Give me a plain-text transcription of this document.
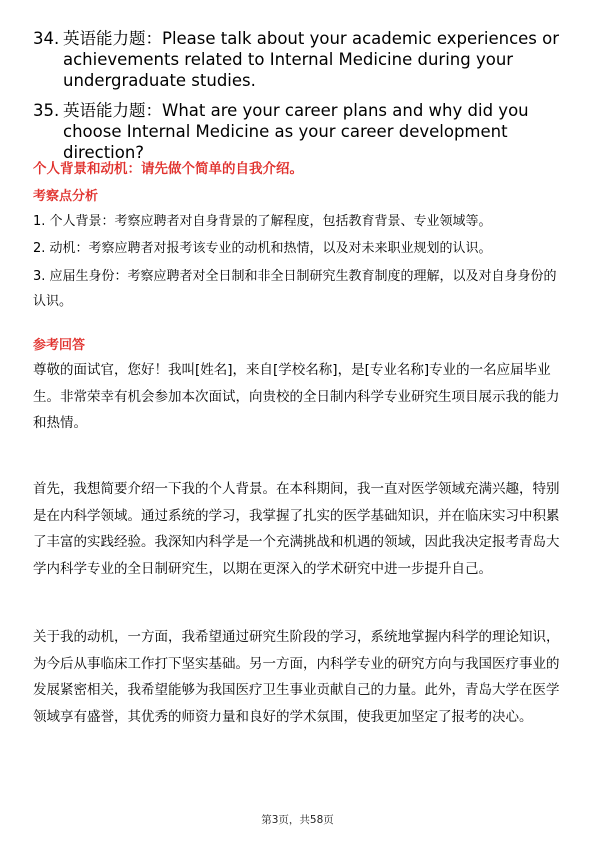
34. 英语能力题：Please talk about your academic experiences or achievements related to Internal Medicine during your undergraduate studies.
35. 英语能力题：What are your career plans and why did you choose Internal Medicine as your career development direction?
个人背景和动机：请先做个简单的自我介绍。
考察点分析
1. 个人背景：考察应聘者对自身背景的了解程度，包括教育背景、专业领域等。
2. 动机：考察应聘者对报考该专业的动机和热情，以及对未来职业规划的认识。
3. 应届生身份：考察应聘者对全日制和非全日制研究生教育制度的理解，以及对自身身份的认识。
参考回答
尊敬的面试官，您好！我叫[姓名]，来自[学校名称]，是[专业名称]专业的一名应届毕业生。非常荣幸有机会参加本次面试，向贵校的全日制内科学专业研究生项目展示我的能力和热情。
首先，我想简要介绍一下我的个人背景。在本科期间，我一直对医学领域充满兴趣，特别是在内科学领域。通过系统的学习，我掌握了扎实的医学基础知识，并在临床实习中积累了丰富的实践经验。我深知内科学是一个充满挑战和机遇的领域，因此我决定报考青岛大学内科学专业的全日制研究生，以期在更深入的学术研究中进一步提升自己。
关于我的动机，一方面，我希望通过研究生阶段的学习，系统地掌握内科学的理论知识，为今后从事临床工作打下坚实基础。另一方面，内科学专业的研究方向与我国医疗事业的发展紧密相关，我希望能够为我国医疗卫生事业贡献自己的力量。此外，青岛大学在医学领域享有盛誉，其优秀的师资力量和良好的学术氛围，使我更加坚定了报考的决心。
第3页，共58页
